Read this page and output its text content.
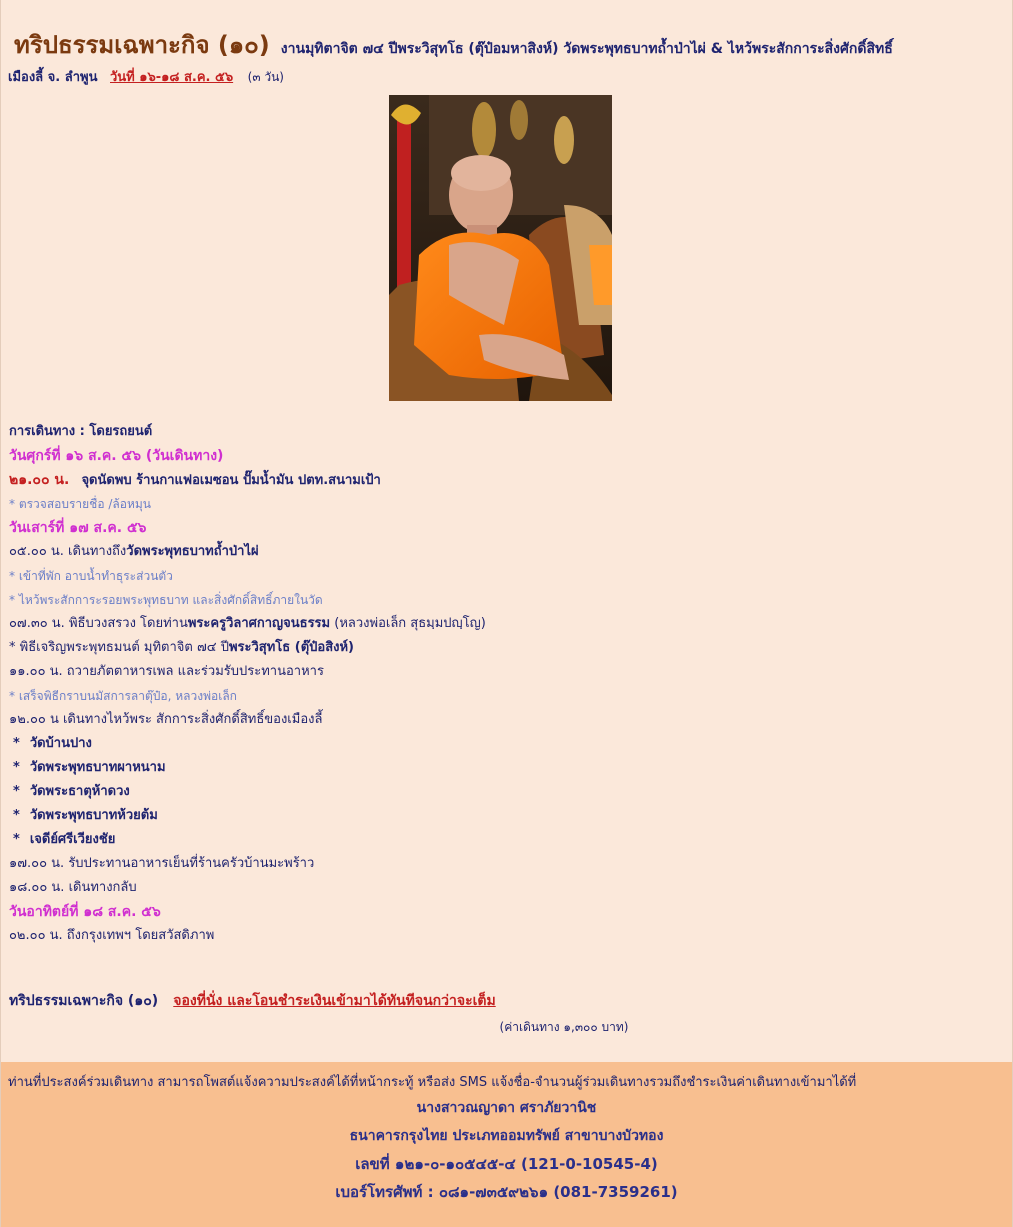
ทริปธรรมเฉพาะกิจ (๑๐) งานมุทิตาจิต ๗๔ ปีพระวิสุทโธ (ตุ๊ป๋อมหาสิงห์) วัดพระพุทธบาทถ้ำป่าไผ่ & ไหว้พระสักการะสิ่งศักดิ์สิทธิ์
เมืองลี้ จ. ลำพูน วันที่ ๑๖-๑๘ ส.ค. ๕๖ (๓ วัน)
การเดินทาง : โดยรถยนต์
วันศุกร์ที่ ๑๖ ส.ค. ๕๖ (วันเดินทาง)
๒๑.๐๐ น. จุดนัดพบ ร้านกาแฟอเมซอน ปั๊มน้ำมัน ปตท.สนามเป้า
* ตรวจสอบรายชื่อ /ล้อหมุน
วันเสาร์ที่ ๑๗ ส.ค. ๕๖
๐๕.๐๐ น. เดินทางถึงวัดพระพุทธบาทถ้ำป่าไผ่
* เข้าที่พัก อาบน้ำทำธุระส่วนตัว
* ไหว้พระสักการะรอยพระพุทธบาท และสิ่งศักดิ์สิทธิ์ภายในวัด
๐๗.๓๐ น. พิธีบวงสรวง โดยท่านพระครูวิลาศกาญจนธรรม (หลวงพ่อเล็ก สุธมฺมปญฺโญ)
* พิธีเจริญพระพุทธมนต์ มุทิตาจิต ๗๔ ปีพระวิสุทโธ (ตุ๊ป๋อสิงห์)
๑๑.๐๐ น. ถวายภัตตาหารเพล และร่วมรับประทานอาหาร
* เสร็จพิธีกราบนมัสการลาตุ๊ป๋อ, หลวงพ่อเล็ก
๑๒.๐๐ น เดินทางไหว้พระ สักการะสิ่งศักดิ์สิทธิ์ของเมืองลี้
* วัดบ้านปาง
* วัดพระพุทธบาทผาหนาม
* วัดพระธาตุห้าดวง
* วัดพระพุทธบาทห้วยต้ม
* เจดีย์ศรีเวียงชัย
๑๗.๐๐ น. รับประทานอาหารเย็นที่ร้านครัวบ้านมะพร้าว
๑๘.๐๐ น. เดินทางกลับ
วันอาทิตย์ที่ ๑๘ ส.ค. ๕๖
๐๒.๐๐ น. ถึงกรุงเทพฯ โดยสวัสดิภาพ
ทริปธรรมเฉพาะกิจ (๑๐) จองที่นั่ง และโอนชำระเงินเข้ามาได้ทันทีจนกว่าจะเต็ม
(ค่าเดินทาง ๑,๓๐๐ บาท)
ท่านที่ประสงค์ร่วมเดินทาง สามารถโพสต์แจ้งความประสงค์ได้ที่หน้ากระทู้ หรือส่ง SMS แจ้งชื่อ-จำนวนผู้ร่วมเดินทางรวมถึงชำระเงินค่าเดินทางเข้ามาได้ที่
นางสาวณญาดา ศราภัยวานิช
ธนาคารกรุงไทย ประเภทออมทรัพย์ สาขาบางบัวทอง
เลขที่ ๑๒๑-๐-๑๐๕๔๕-๔ (121-0-10545-4)
เบอร์โทรศัพท์ : ๐๘๑-๗๓๕๙๒๖๑ (081-7359261)
